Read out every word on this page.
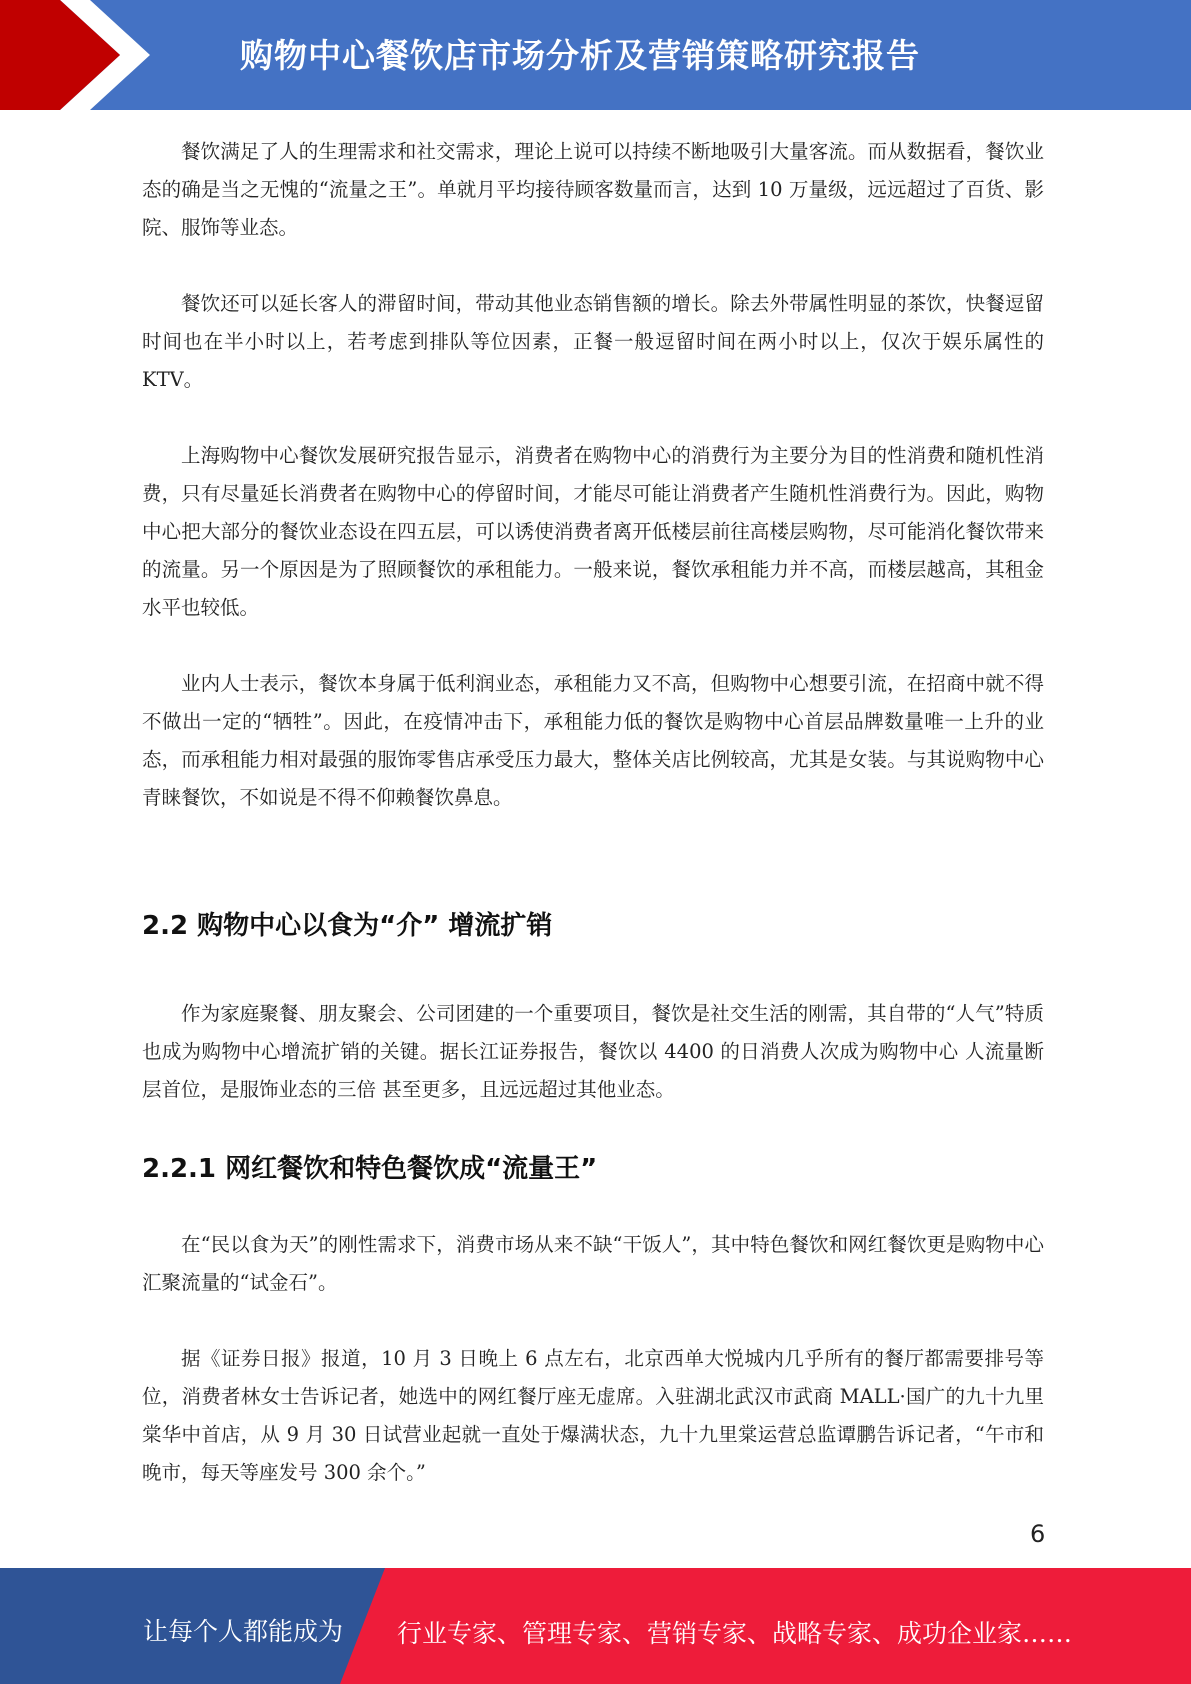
购物中心餐饮店市场分析及营销策略研究报告

餐饮满足了人的生理需求和社交需求，理论上说可以持续不断地吸引大量客流。而从数据看，餐饮业态的确是当之无愧的“流量之王”。单就月平均接待顾客数量而言，达到 10 万量级，远远超过了百货、影院、服饰等业态。

餐饮还可以延长客人的滞留时间，带动其他业态销售额的增长。除去外带属性明显的茶饮，快餐逗留时间也在半小时以上，若考虑到排队等位因素，正餐一般逗留时间在两小时以上，仅次于娱乐属性的 KTV。

上海购物中心餐饮发展研究报告显示，消费者在购物中心的消费行为主要分为目的性消费和随机性消费，只有尽量延长消费者在购物中心的停留时间，才能尽可能让消费者产生随机性消费行为。因此，购物中心把大部分的餐饮业态设在四五层，可以诱使消费者离开低楼层前往高楼层购物，尽可能消化餐饮带来的流量。另一个原因是为了照顾餐饮的承租能力。一般来说，餐饮承租能力并不高，而楼层越高，其租金水平也较低。

业内人士表示，餐饮本身属于低利润业态，承租能力又不高，但购物中心想要引流，在招商中就不得不做出一定的“牺牲”。因此，在疫情冲击下，承租能力低的餐饮是购物中心首层品牌数量唯一上升的业态，而承租能力相对最强的服饰零售店承受压力最大，整体关店比例较高，尤其是女装。与其说购物中心青睐餐饮，不如说是不得不仰赖餐饮鼻息。

2.2 购物中心以食为“介” 增流扩销

作为家庭聚餐、朋友聚会、公司团建的一个重要项目，餐饮是社交生活的刚需，其自带的“人气”特质也成为购物中心增流扩销的关键。据长江证券报告，餐饮以 4400 的日消费人次成为购物中心 人流量断层首位，是服饰业态的三倍 甚至更多，且远远超过其他业态。

2.2.1 网红餐饮和特色餐饮成“流量王”

在“民以食为天”的刚性需求下，消费市场从来不缺“干饭人”，其中特色餐饮和网红餐饮更是购物中心汇聚流量的“试金石”。

据《证券日报》报道，10 月 3 日晚上 6 点左右，北京西单大悦城内几乎所有的餐厅都需要排号等位，消费者林女士告诉记者，她选中的网红餐厅座无虚席。入驻湖北武汉市武商 MALL·国广的九十九里棠华中首店，从 9 月 30 日试营业起就一直处于爆满状态，九十九里棠运营总监谭鹏告诉记者，“午市和晚市，每天等座发号 300 余个。”

6
让每个人都能成为 行业专家、管理专家、营销专家、战略专家、成功企业家……
